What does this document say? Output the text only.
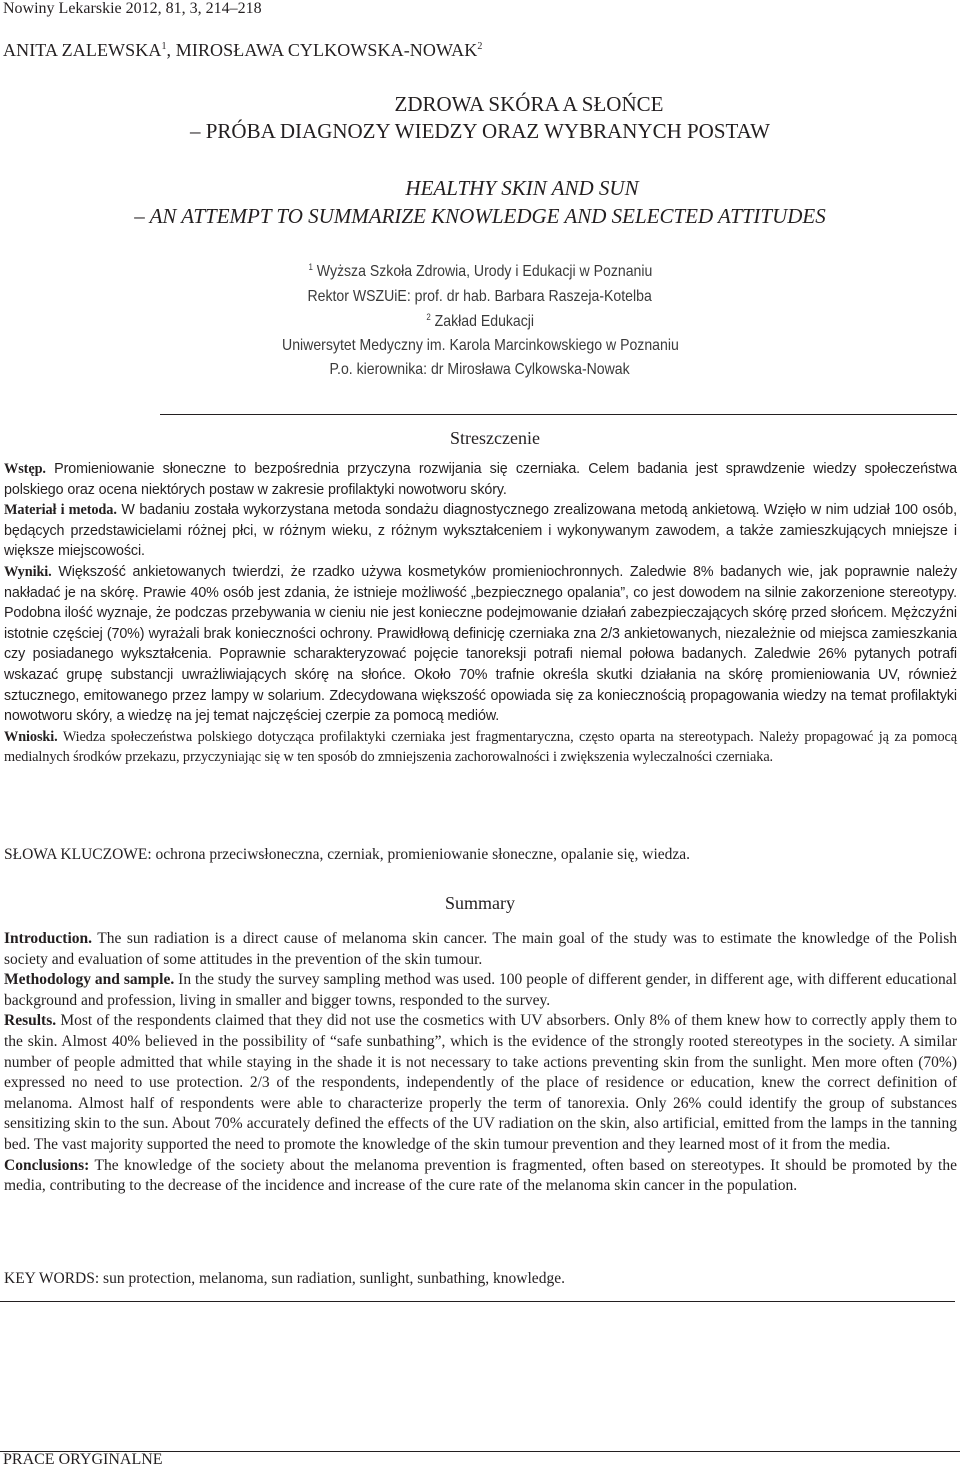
Nowiny Lekarskie 2012, 81, 3, 214–218
ANITA ZALEWSKA$^1$, MIROSŁAWA CYLKOWSKA-NOWAK$^2$
ZDROWA SKÓRA A SŁOŃCE
– PRÓBA DIAGNOZY WIEDZY ORAZ WYBRANYCH POSTAW
HEALTHY SKIN AND SUN
– AN ATTEMPT TO SUMMARIZE KNOWLEDGE AND SELECTED ATTITUDES
$^1$ Wyższa Szkoła Zdrowia, Urody i Edukacji w Poznaniu
Rektor WSZUiE: prof. dr hab. Barbara Raszeja-Kotelba
$^2$ Zakład Edukacji
Uniwersytet Medyczny im. Karola Marcinkowskiego w Poznaniu
P.o. kierownika: dr Mirosława Cylkowska-Nowak
Streszczenie

Wstęp. Promieniowanie słoneczne to bezpośrednia przyczyna rozwijania się czerniaka. Celem badania jest sprawdzenie wiedzy społeczeństwa polskiego oraz ocena niektórych postaw w zakresie profilaktyki nowotworu skóry.

Materiał i metoda. W badaniu została wykorzystana metoda sondażu diagnostycznego zrealizowana metodą ankietową. Wzięło w nim udział 100 osób, będących przedstawicielami różnej płci, w różnym wieku, z różnym wykształceniem i wykonywanym zawodem, a także zamieszkujących mniejsze i większe miejscowości.

Wyniki. Większość ankietowanych twierdzi, że rzadko używa kosmetyków promieniochronnych. Zaledwie 8% badanych wie, jak poprawnie należy nakładać je na skórę. Prawie 40% osób jest zdania, że istnieje możliwość „bezpiecznego opalania”, co jest dowodem na silnie zakorzenione stereotypy. Podobna ilość wyznaje, że podczas przebywania w cieniu nie jest konieczne podejmowanie działań zabezpieczających skórę przed słońcem. Mężczyźni istotnie częściej (70%) wyrażali brak konieczności ochrony. Prawidłową definicję czerniaka zna 2/3 ankietowanych, niezależnie od miejsca zamieszkania czy posiadanego wykształcenia. Poprawnie scharakteryzować pojęcie tanoreksji potrafi niemal połowa badanych. Zaledwie 26% pytanych potrafi wskazać grupę substancji uwrażliwiających skórę na słońce. Około 70% trafnie określa skutki działania na skórę promieniowania UV, również sztucznego, emitowanego przez lampy w solarium. Zdecydowana większość opowiada się za koniecznością propagowania wiedzy na temat profilaktyki nowotworu skóry, a wiedzę na jej temat najczęściej czerpie za pomocą mediów.

Wnioski. Wiedza społeczeństwa polskiego dotycząca profilaktyki czerniaka jest fragmentaryczna, często oparta na stereotypach. Należy propagować ją za pomocą medialnych środków przekazu, przyczyniając się w ten sposób do zmniejszenia zachorowalności i zwiększenia wyleczalności czerniaka.

SŁOWA KLUCZOWE: ochrona przeciwsłoneczna, czerniak, promieniowanie słoneczne, opalanie się, wiedza.
Summary

Introduction. The sun radiation is a direct cause of melanoma skin cancer. The main goal of the study was to estimate the knowledge of the Polish society and evaluation of some attitudes in the prevention of the skin tumour.

Methodology and sample. In the study the survey sampling method was used. 100 people of different gender, in different age, with different educational background and profession, living in smaller and bigger towns, responded to the survey.

Results. Most of the respondents claimed that they did not use the cosmetics with UV absorbers. Only 8% of them knew how to correctly apply them to the skin. Almost 40% believed in the possibility of “safe sunbathing”, which is the evidence of the strongly rooted stereotypes in the society. A similar number of people admitted that while staying in the shade it is not necessary to take actions preventing skin from the sunlight. Men more often (70%) expressed no need to use protection. 2/3 of the respondents, independently of the place of residence or education, knew the correct definition of melanoma. Almost half of respondents were able to characterize properly the term of tanorexia. Only 26% could identify the group of substances sensitizing skin to the sun. About 70% accurately defined the effects of the UV radiation on the skin, also artificial, emitted from the lamps in the tanning bed. The vast majority supported the need to promote the knowledge of the skin tumour prevention and they learned most of it from the media.

Conclusions: The knowledge of the society about the melanoma prevention is fragmented, often based on stereotypes. It should be promoted by the media, contributing to the decrease of the incidence and increase of the cure rate of the melanoma skin cancer in the population.

KEY WORDS: sun protection, melanoma, sun radiation, sunlight, sunbathing, knowledge.
PRACE ORYGINALNE
